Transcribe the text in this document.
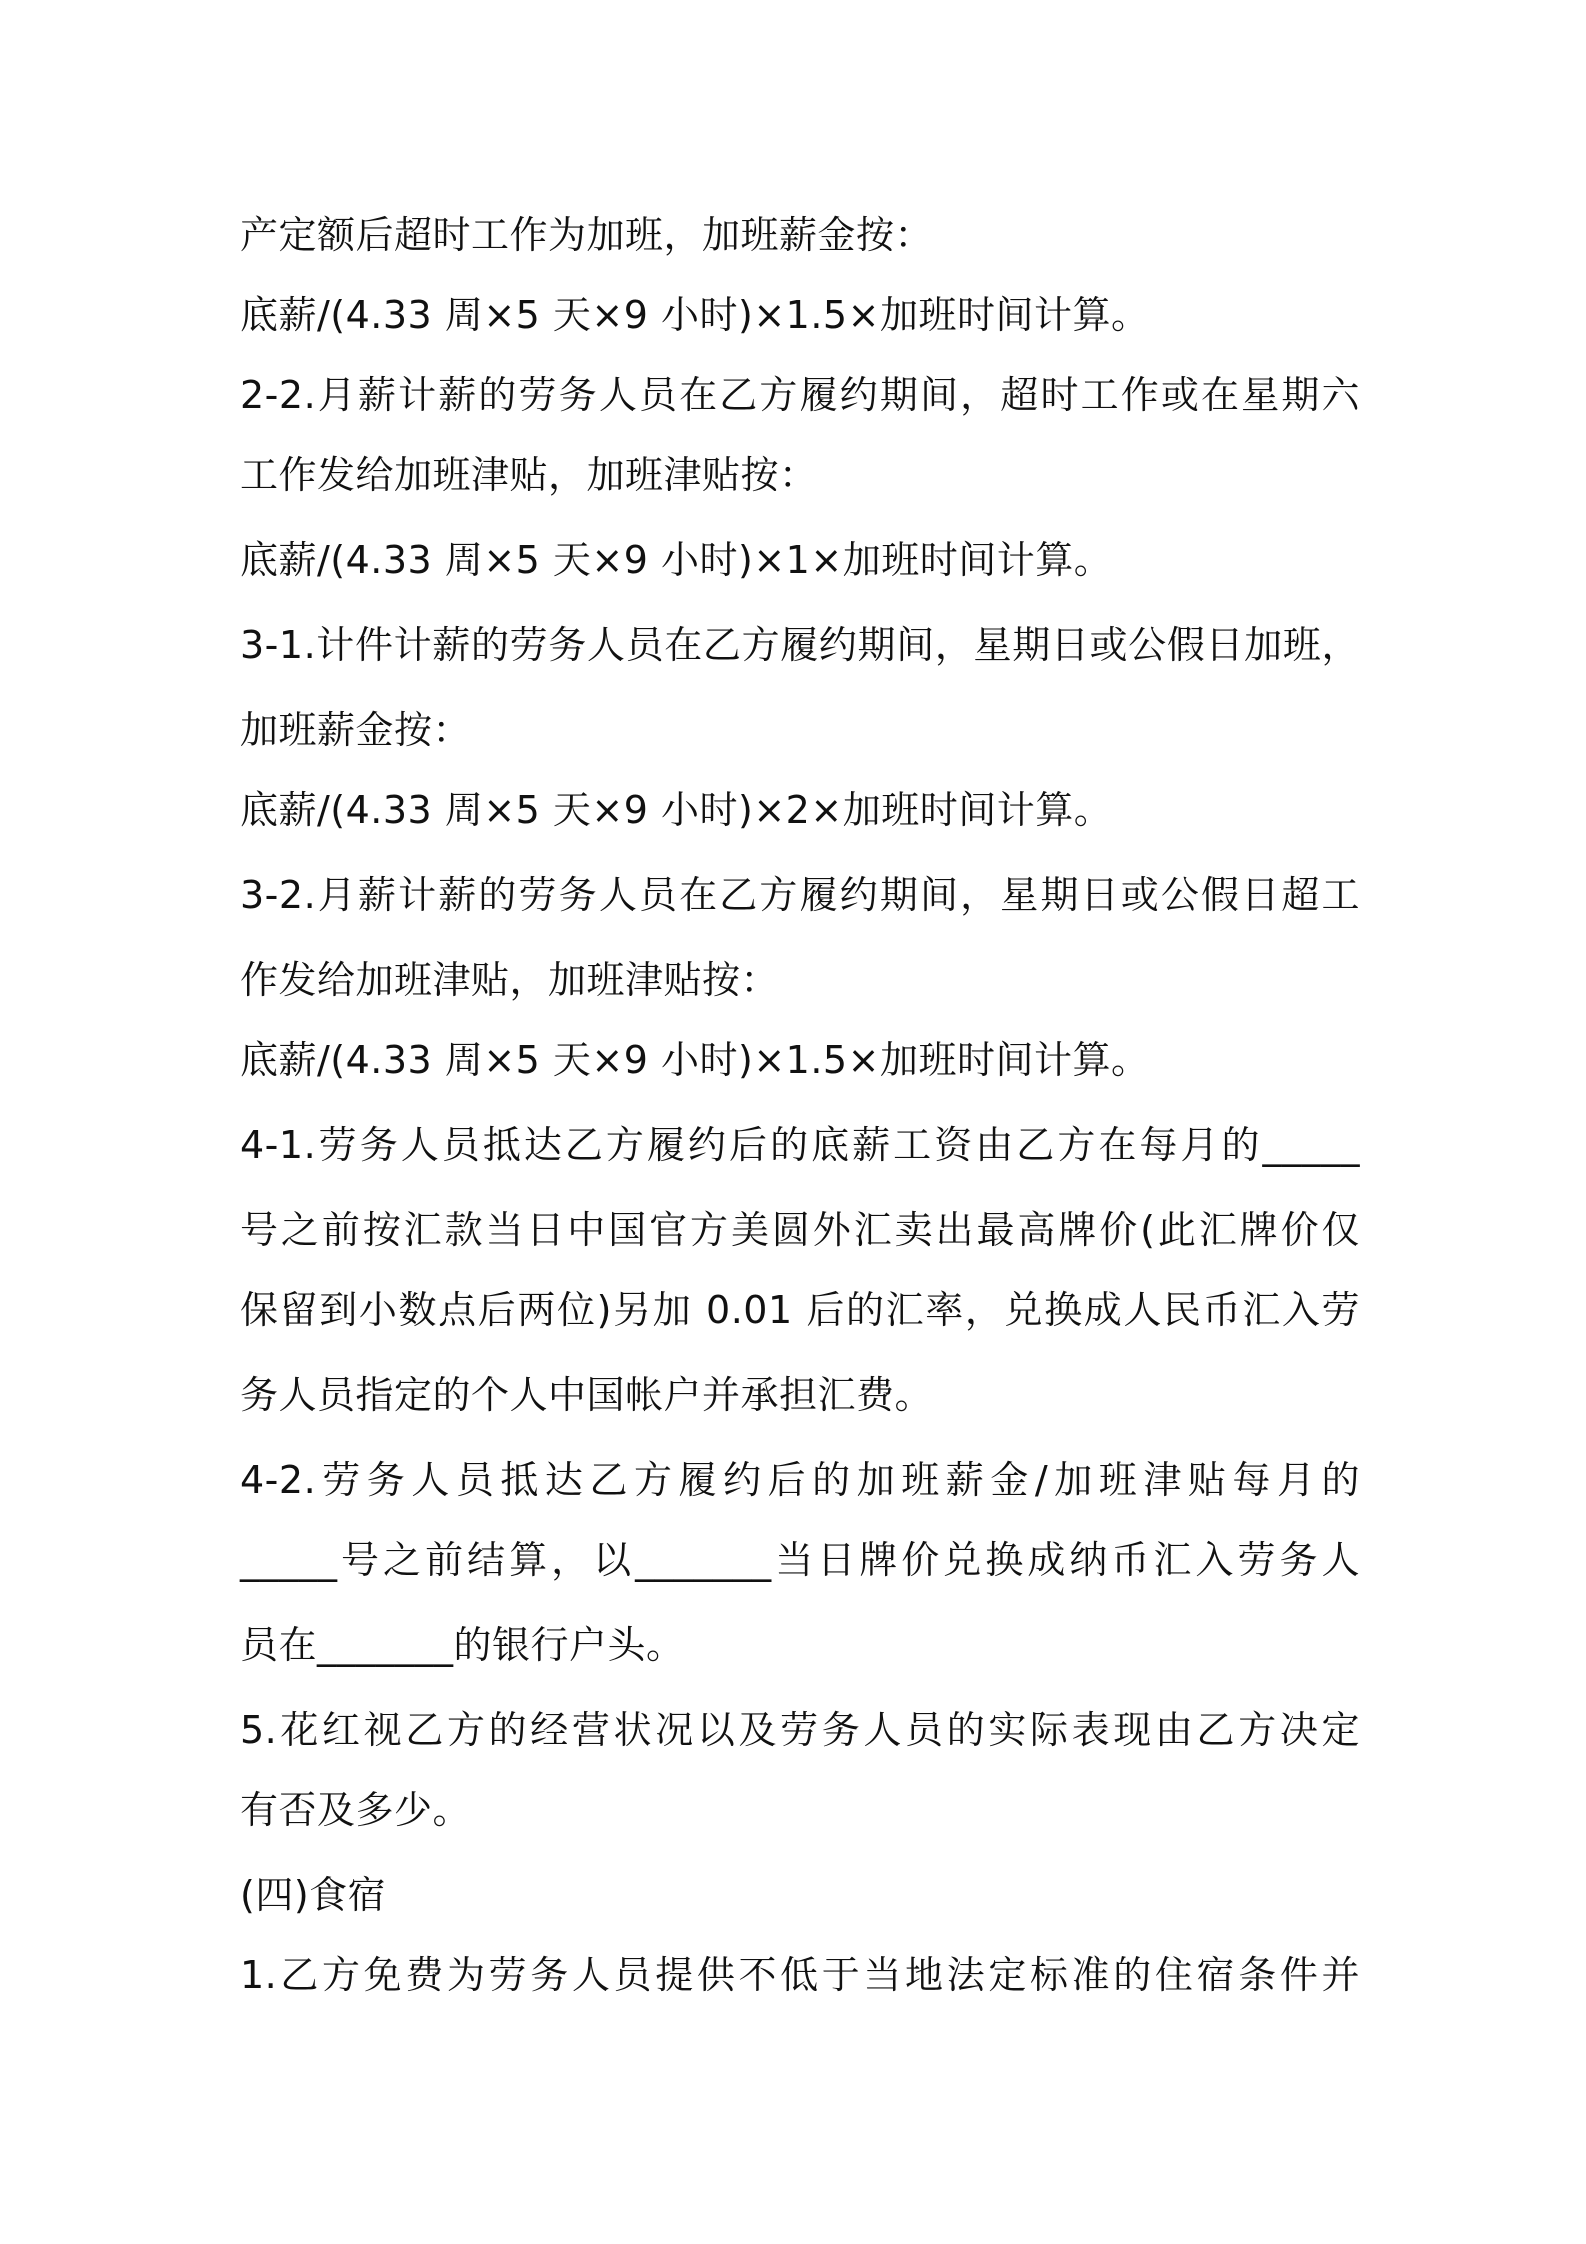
产定额后超时工作为加班，加班薪金按：
底薪/(4.33 周×5 天×9 小时)×1.5×加班时间计算。
2-2.月薪计薪的劳务人员在乙方履约期间，超时工作或在星期六
工作发给加班津贴，加班津贴按：
底薪/(4.33 周×5 天×9 小时)×1×加班时间计算。
3-1.计件计薪的劳务人员在乙方履约期间，星期日或公假日加班，
加班薪金按：
底薪/(4.33 周×5 天×9 小时)×2×加班时间计算。
3-2.月薪计薪的劳务人员在乙方履约期间，星期日或公假日超工
作发给加班津贴，加班津贴按：
底薪/(4.33 周×5 天×9 小时)×1.5×加班时间计算。
4-1.劳务人员抵达乙方履约后的底薪工资由乙方在每月的_____
号之前按汇款当日中国官方美圆外汇卖出最高牌价(此汇牌价仅
保留到小数点后两位)另加 0.01 后的汇率，兑换成人民币汇入劳
务人员指定的个人中国帐户并承担汇费。
4-2.劳务人员抵达乙方履约后的加班薪金/加班津贴每月的
_____号之前结算，以_______当日牌价兑换成纳币汇入劳务人
员在_______的银行户头。
5.花红视乙方的经营状况以及劳务人员的实际表现由乙方决定
有否及多少。
(四)食宿
1.乙方免费为劳务人员提供不低于当地法定标准的住宿条件并
